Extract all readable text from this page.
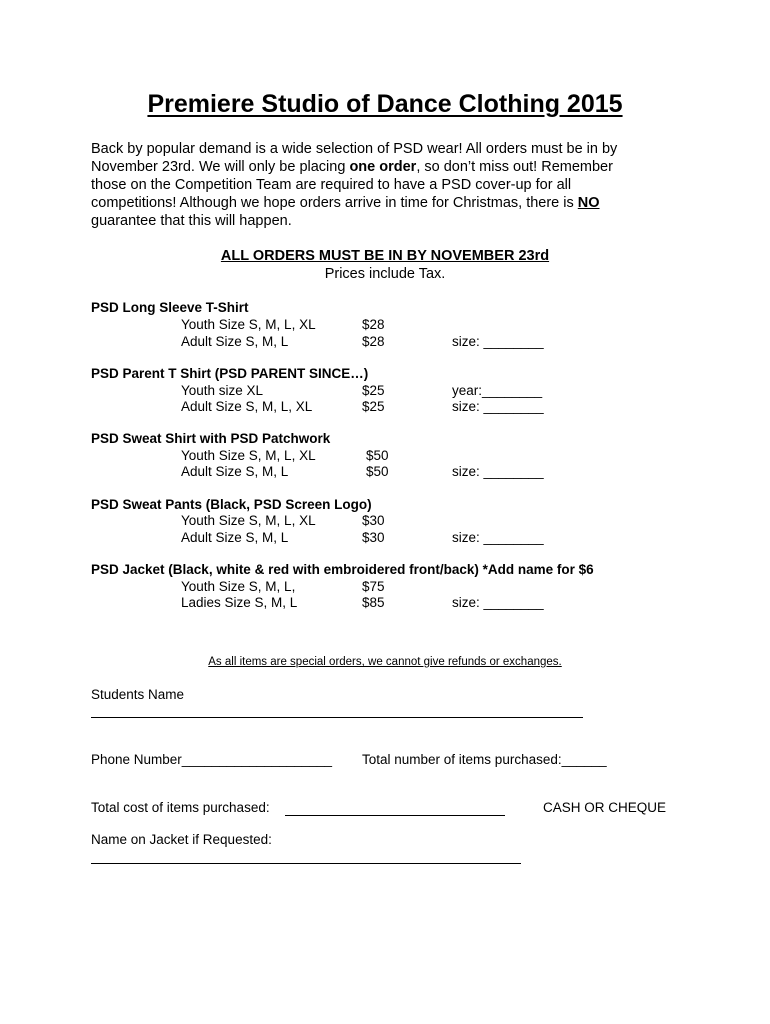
Premiere Studio of Dance Clothing 2015
Back by popular demand is a wide selection of PSD wear! All orders must be in by November 23rd. We will only be placing one order, so don’t miss out! Remember those on the Competition Team are required to have a PSD cover-up for all competitions! Although we hope orders arrive in time for Christmas, there is NO guarantee that this will happen.
ALL ORDERS MUST BE IN BY NOVEMBER 23rd
Prices include Tax.
PSD Long Sleeve T-Shirt
Youth Size S, M, L, XL	$28
Adult Size S, M, L	$28	size: ________
PSD Parent T Shirt (PSD PARENT SINCE…)
Youth size XL	$25	year:________
Adult Size S, M, L, XL	$25	size: ________
PSD Sweat Shirt with PSD Patchwork
Youth Size S, M, L, XL	$50
Adult Size S, M, L	$50	size: ________
PSD Sweat Pants (Black, PSD Screen Logo)
Youth Size S, M, L, XL	$30
Adult Size S, M, L	$30	size: ________
PSD Jacket (Black, white & red with embroidered front/back) *Add name for $6
Youth Size S, M, L,	$75
Ladies Size S, M, L	$85	size: ________
As all items are special orders, we cannot give refunds or exchanges.
Students Name
Phone Number____________________ Total number of items purchased:______
Total cost of items purchased:	CASH OR CHEQUE
Name on Jacket if Requested:
